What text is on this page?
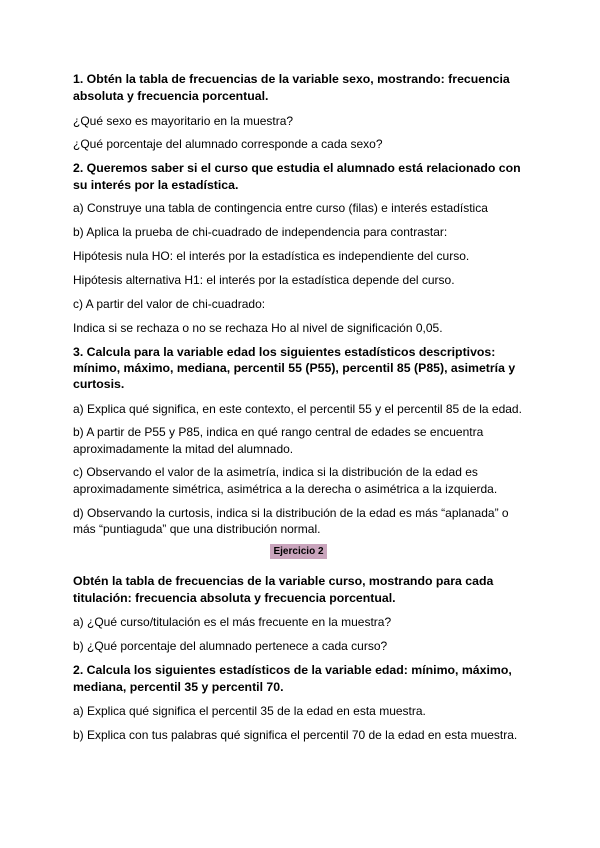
1. Obtén la tabla de frecuencias de la variable sexo, mostrando: frecuencia

absoluta y frecuencia porcentual.

¿Qué sexo es mayoritario en la muestra?

¿Qué porcentaje del alumnado corresponde a cada sexo?

2. Queremos saber si el curso que estudia el alumnado está relacionado con

su interés por la estadística.

a) Construye una tabla de contingencia entre curso (filas) e interés estadística

b) Aplica la prueba de chi-cuadrado de independencia para contrastar:

Hipótesis nula HO: el interés por la estadística es independiente del curso.

Hipótesis alternativa H1: el interés por la estadística depende del curso.

c) A partir del valor de chi-cuadrado:

Indica si se rechaza o no se rechaza Ho al nivel de significación 0,05.

3. Calcula para la variable edad los siguientes estadísticos descriptivos:

mínimo, máximo, mediana, percentil 55 (P55), percentil 85 (P85), asimetría y

curtosis.

a) Explica qué significa, en este contexto, el percentil 55 y el percentil 85 de la edad.

b) A partir de P55 y P85, indica en qué rango central de edades se encuentra

aproximadamente la mitad del alumnado.

c) Observando el valor de la asimetría, indica si la distribución de la edad es

aproximadamente simétrica, asimétrica a la derecha o asimétrica a la izquierda.

d) Observando la curtosis, indica si la distribución de la edad es más “aplanada” o

más “puntiaguda” que una distribución normal.

Ejercicio 2

Obtén la tabla de frecuencias de la variable curso, mostrando para cada

titulación: frecuencia absoluta y frecuencia porcentual.

a) ¿Qué curso/titulación es el más frecuente en la muestra?

b) ¿Qué porcentaje del alumnado pertenece a cada curso?

2. Calcula los siguientes estadísticos de la variable edad: mínimo, máximo,

mediana, percentil 35 y percentil 70.

a) Explica qué significa el percentil 35 de la edad en esta muestra.

b) Explica con tus palabras qué significa el percentil 70 de la edad en esta muestra.
